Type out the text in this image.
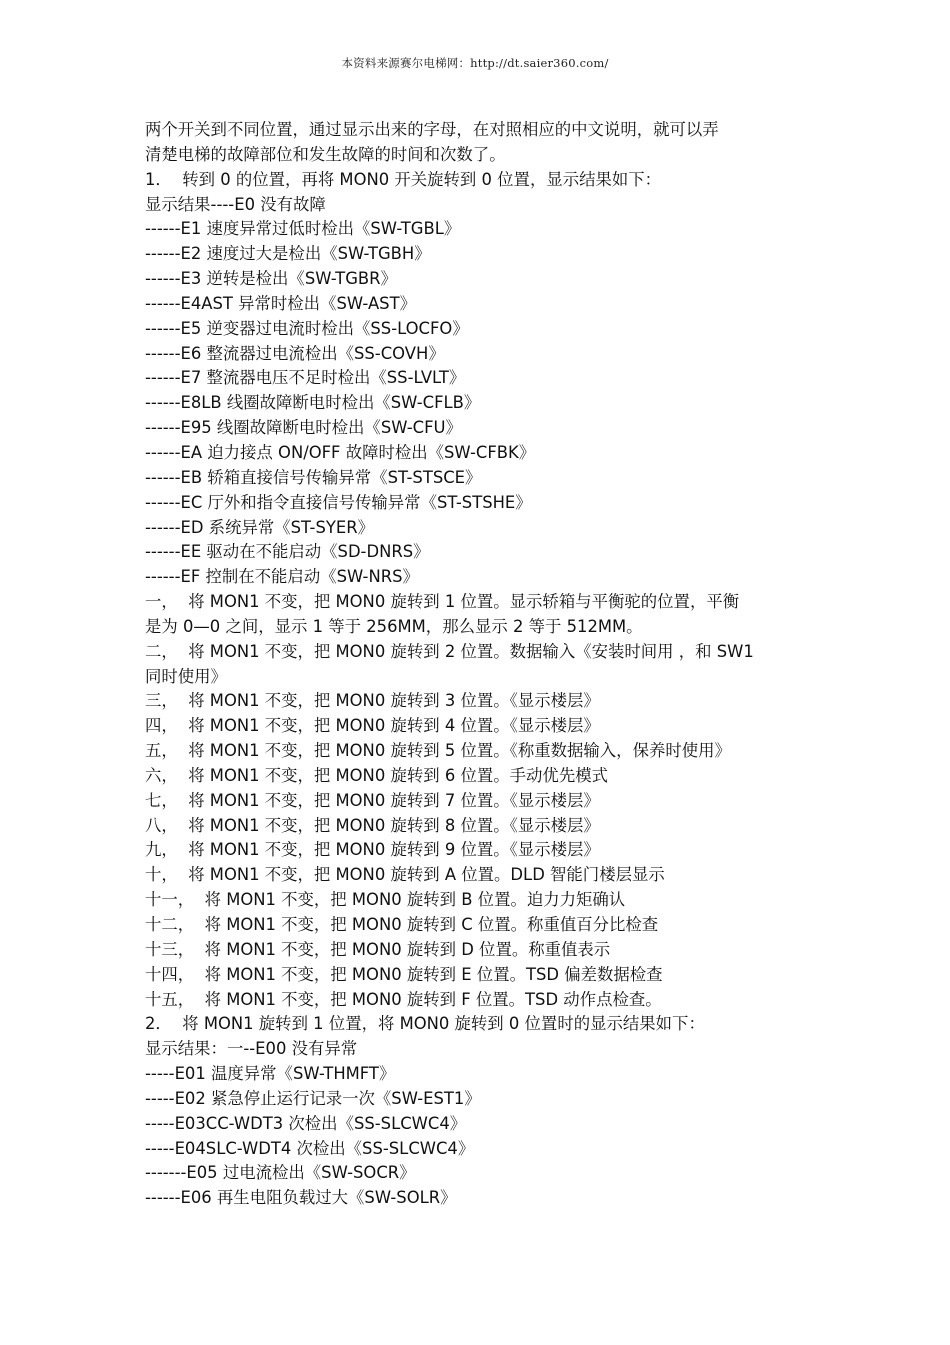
本资料来源赛尔电梯网：http://dt.saier360.com/
两个开关到不同位置，通过显示出来的字母，在对照相应的中文说明，就可以弄
清楚电梯的故障部位和发生故障的时间和次数了。
1．  转到 0 的位置，再将 MON0 开关旋转到 0 位置，显示结果如下：
显示结果----E0 没有故障
------E1 速度异常过低时检出《SW-TGBL》
------E2 速度过大是检出《SW-TGBH》
------E3 逆转是检出《SW-TGBR》
------E4AST 异常时检出《SW-AST》
------E5 逆变器过电流时检出《SS-LOCFO》
------E6 整流器过电流检出《SS-COVH》
------E7 整流器电压不足时检出《SS-LVLT》
------E8LB 线圈故障断电时检出《SW-CFLB》
------E95 线圈故障断电时检出《SW-CFU》
------EA 迫力接点 ON/OFF 故障时检出《SW-CFBK》
------EB 轿箱直接信号传输异常《ST-STSCE》
------EC 厅外和指令直接信号传输异常《ST-STSHE》
------ED 系统异常《ST-SYER》
------EE 驱动在不能启动《SD-DNRS》
------EF 控制在不能启动《SW-NRS》
一，  将 MON1 不变，把 MON0 旋转到 1 位置。显示轿箱与平衡驼的位置，平衡
是为 0—0 之间，显示 1 等于 256MM，那么显示 2 等于 512MM。
二，  将 MON1 不变，把 MON0 旋转到 2 位置。数据输入《安装时间用 ，和 SW1
同时使用》
三，  将 MON1 不变，把 MON0 旋转到 3 位置。《显示楼层》
四，  将 MON1 不变，把 MON0 旋转到 4 位置。《显示楼层》
五，  将 MON1 不变，把 MON0 旋转到 5 位置。《称重数据输入，保养时使用》
六，  将 MON1 不变，把 MON0 旋转到 6 位置。手动优先模式
七，  将 MON1 不变，把 MON0 旋转到 7 位置。《显示楼层》
八，  将 MON1 不变，把 MON0 旋转到 8 位置。《显示楼层》
九，  将 MON1 不变，把 MON0 旋转到 9 位置。《显示楼层》
十，  将 MON1 不变，把 MON0 旋转到 A 位置。DLD 智能门楼层显示
十一，  将 MON1 不变，把 MON0 旋转到 B 位置。迫力力矩确认
十二，  将 MON1 不变，把 MON0 旋转到 C 位置。称重值百分比检查
十三，  将 MON1 不变，把 MON0 旋转到 D 位置。称重值表示
十四，  将 MON1 不变，把 MON0 旋转到 E 位置。TSD 偏差数据检查
十五，  将 MON1 不变，把 MON0 旋转到 F 位置。TSD 动作点检查。
2．  将 MON1 旋转到 1 位置，将 MON0 旋转到 0 位置时的显示结果如下：
显示结果：一--E00 没有异常
-----E01 温度异常《SW-THMFT》
-----E02 紧急停止运行记录一次《SW-EST1》
-----E03CC-WDT3 次检出《SS-SLCWC4》
-----E04SLC-WDT4 次检出《SS-SLCWC4》
-------E05 过电流检出《SW-SOCR》
------E06 再生电阻负载过大《SW-SOLR》
